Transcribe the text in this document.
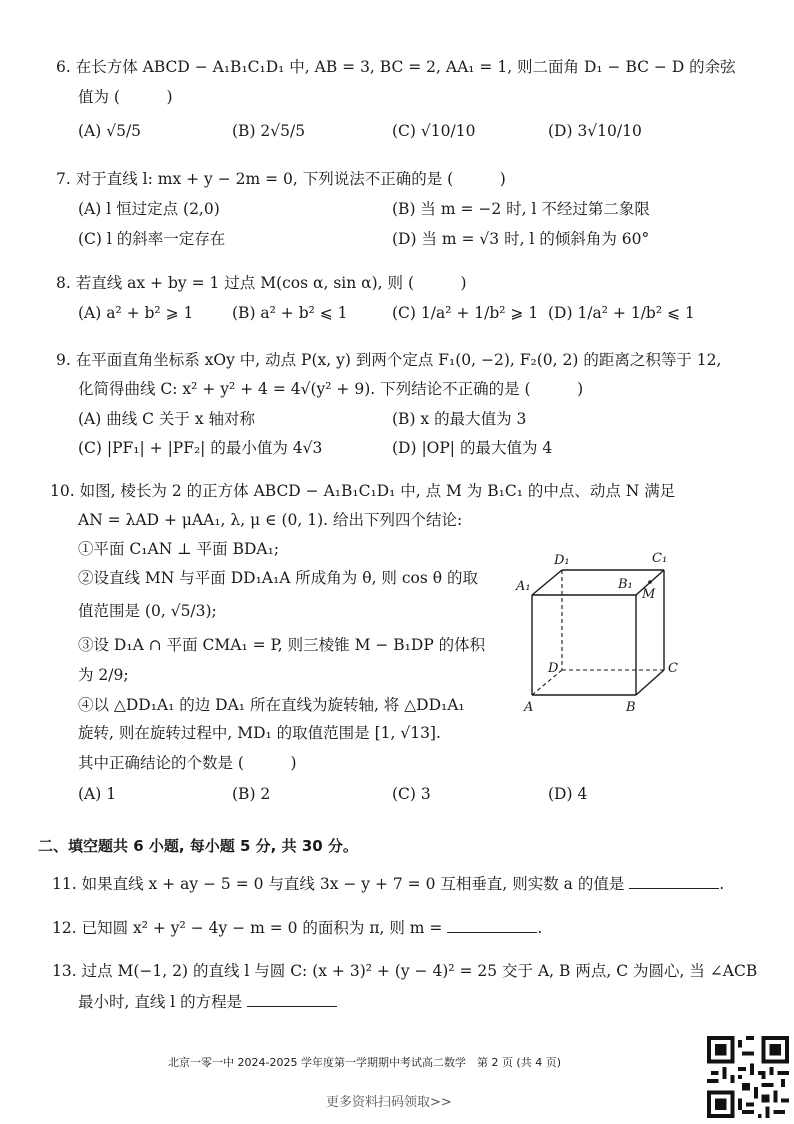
6. 在长方体 ABCD − A₁B₁C₁D₁ 中, AB = 3, BC = 2, AA₁ = 1, 则二面角 D₁ − BC − D 的余弦
值为 (　　　)
(A) √5/5	(B) 2√5/5	(C) √10/10	(D) 3√10/10
7. 对于直线 l: mx + y − 2m = 0, 下列说法不正确的是 (　　　)
(A) l 恒过定点 (2,0)	(B) 当 m = −2 时, l 不经过第二象限
(C) l 的斜率一定存在	(D) 当 m = √3 时, l 的倾斜角为 60°
8. 若直线 ax + by = 1 过点 M(cos α, sin α), 则 (　　　)
(A) a² + b² ⩾ 1 (B) a² + b² ⩽ 1	(C) 1/a² + 1/b² ⩾ 1 (D) 1/a² + 1/b² ⩽ 1
9. 在平面直角坐标系 xOy 中, 动点 P(x, y) 到两个定点 F₁(0, −2), F₂(0, 2) 的距离之积等于 12,
化简得曲线 C: x² + y² + 4 = 4√(y² + 9). 下列结论不正确的是 (　　　)
(A) 曲线 C 关于 x 轴对称	(B) x 的最大值为 3
(C) |PF₁| + |PF₂| 的最小值为 4√3	(D) |OP| 的最大值为 4
10. 如图, 棱长为 2 的正方体 ABCD − A₁B₁C₁D₁ 中, 点 M 为 B₁C₁ 的中点、动点 N 满足
AN = λAD + μAA₁, λ, μ ∈ (0, 1). 给出下列四个结论:
①平面 C₁AN ⊥ 平面 BDA₁;
②设直线 MN 与平面 DD₁A₁A 所成角为 θ, 则 cos θ 的取
值范围是 (0, √5/3);
③设 D₁A ∩ 平面 CMA₁ = P, 则三棱锥 M − B₁DP 的体积
为 2/9;
④以 △DD₁A₁ 的边 DA₁ 所在直线为旋转轴, 将 △DD₁A₁
旋转, 则在旋转过程中, MD₁ 的取值范围是 [1, √13].
其中正确结论的个数是 (　　　)
(A) 1	(B) 2	(C) 3	(D) 4
D₁	C₁
A₁	B₁
M
D	C
A	B
二、填空题共 6 小题, 每小题 5 分, 共 30 分。
11. 如果直线 x + ay − 5 = 0 与直线 3x − y + 7 = 0 互相垂直, 则实数 a 的值是	.
12. 已知圆 x² + y² − 4y − m = 0 的面积为 π, 则 m =	.
13. 过点 M(−1, 2) 的直线 l 与圆 C: (x + 3)² + (y − 4)² = 25 交于 A, B 两点, C 为圆心, 当 ∠ACB
最小时, 直线 l 的方程是
北京一零一中 2024-2025 学年度第一学期期中考试高二数学　第 2 页 (共 4 页)
更多资料扫码领取>>
